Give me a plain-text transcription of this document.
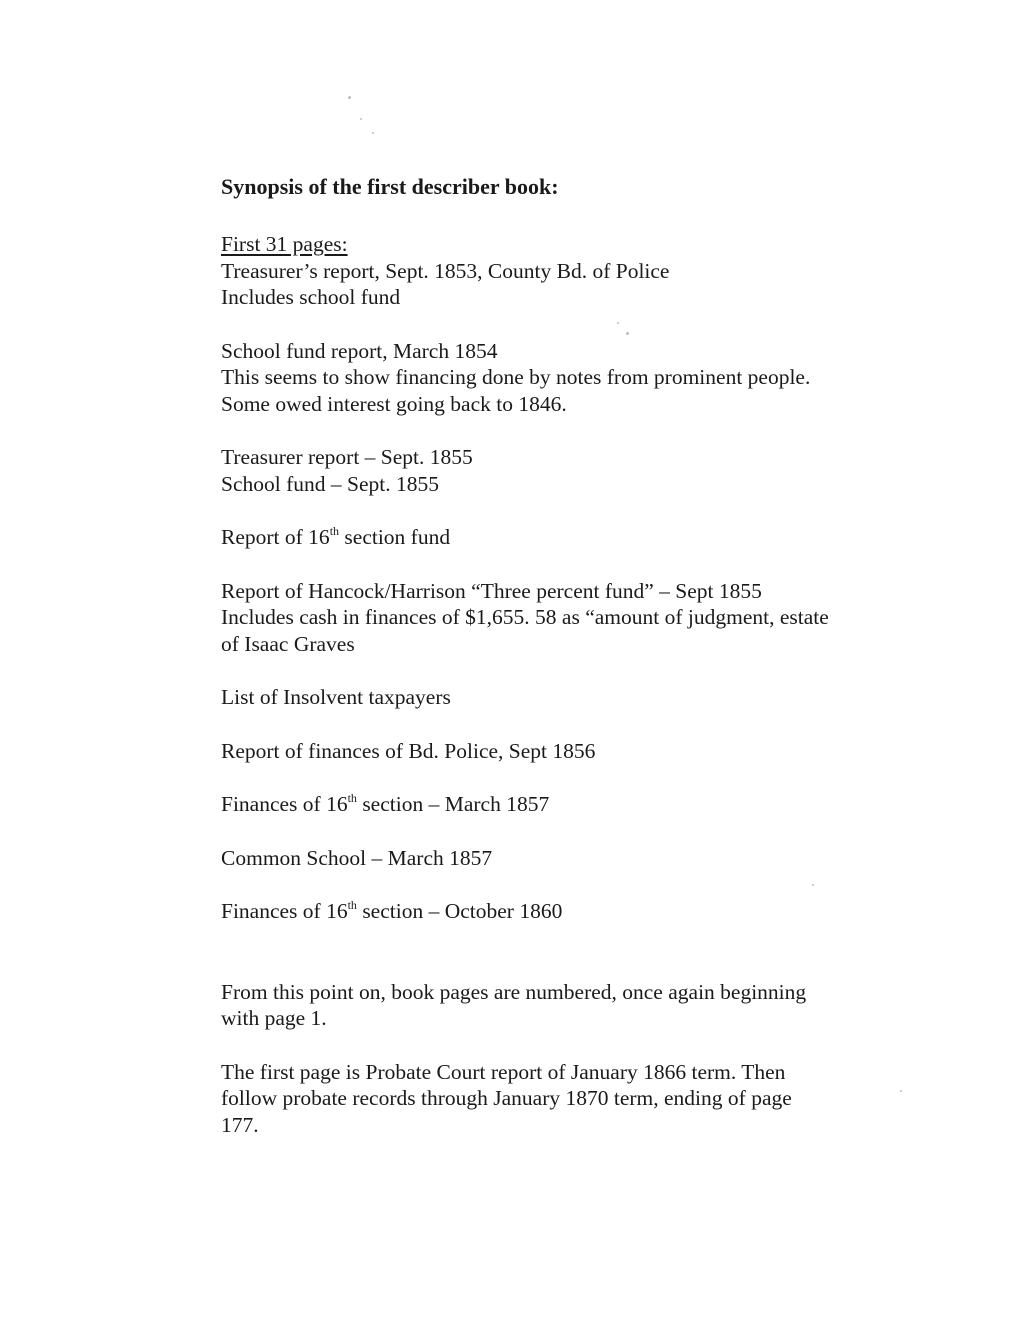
Synopsis of the first describer book:
First 31 pages:
Treasurer’s report, Sept. 1853, County Bd. of Police
Includes school fund
School fund report, March 1854
This seems to show financing done by notes from prominent people.
Some owed interest going back to 1846.
Treasurer report – Sept. 1855
School fund – Sept. 1855
Report of 16th section fund
Report of Hancock/Harrison “Three percent fund” – Sept 1855
Includes cash in finances of $1,655. 58 as “amount of judgment, estate
of Isaac Graves
List of Insolvent taxpayers
Report of finances of Bd. Police, Sept 1856
Finances of 16th section – March 1857
Common School – March 1857
Finances of 16th section – October 1860
From this point on, book pages are numbered, once again beginning
with page 1.
The first page is Probate Court report of January 1866 term. Then
follow probate records through January 1870 term, ending of page
177.
